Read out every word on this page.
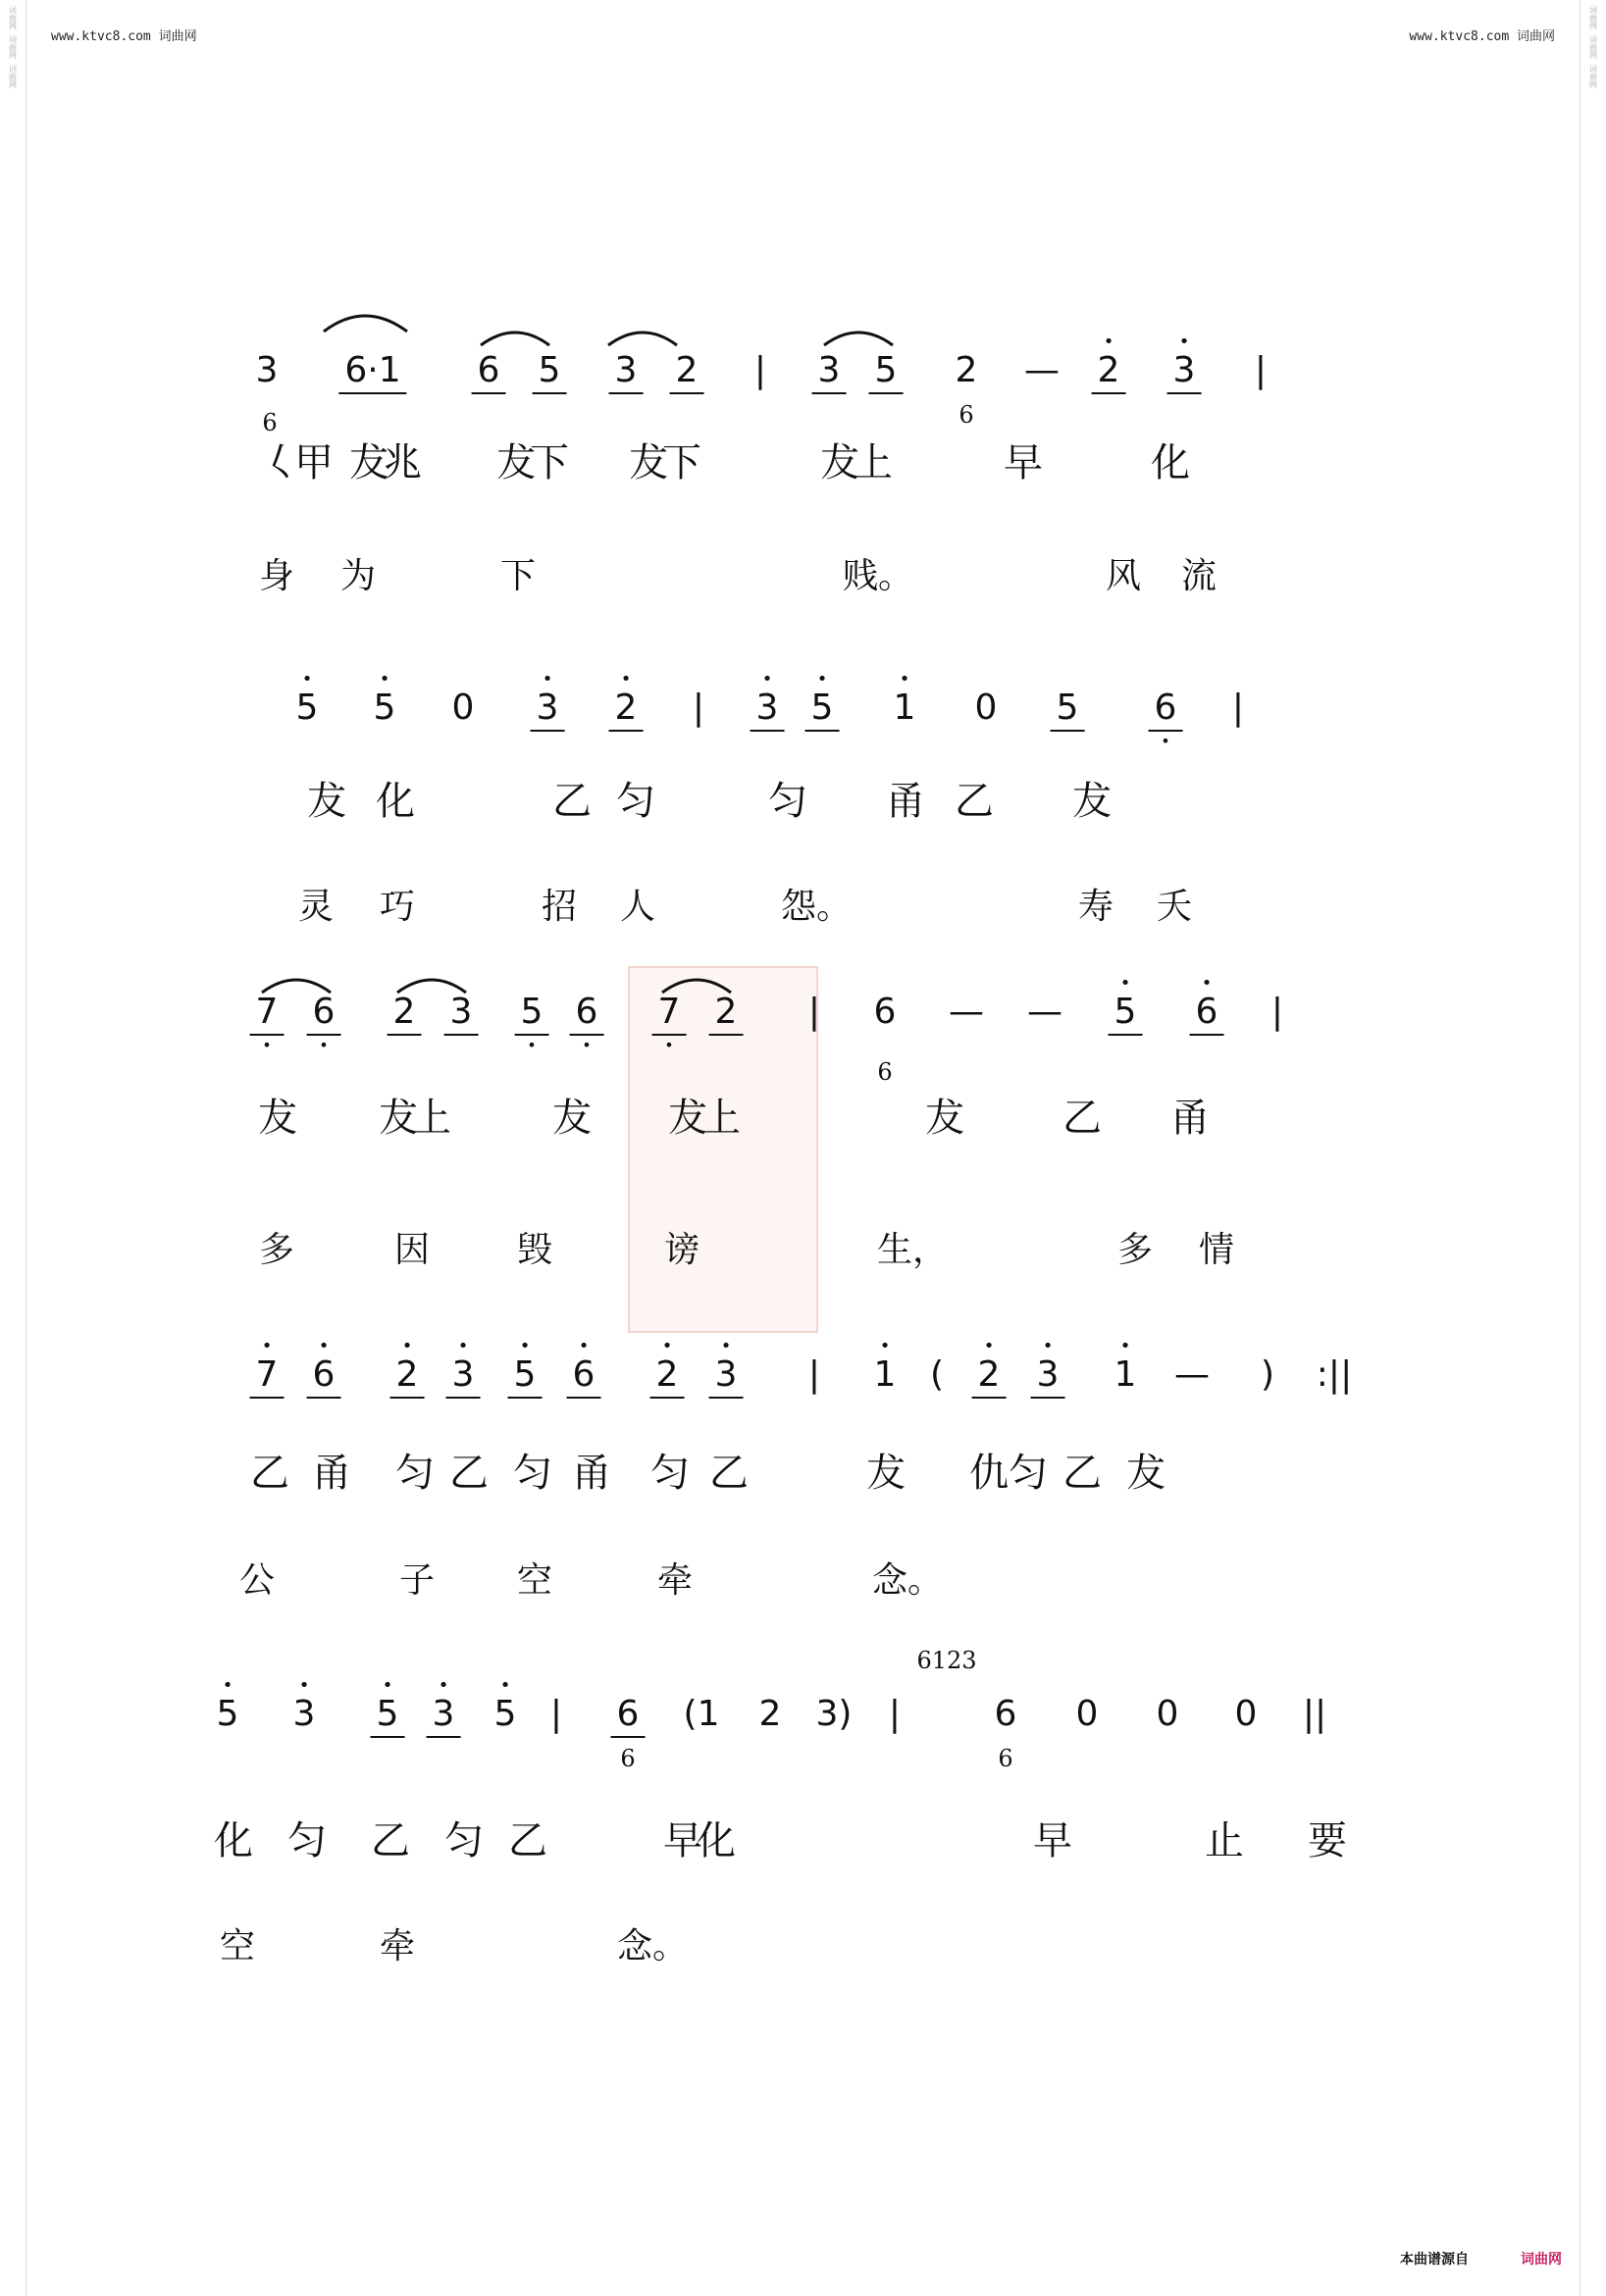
词曲网
词曲网
词曲网
词曲网
词曲网
词曲网
www.ktvc8.com 词曲网	www.ktvc8.com 词曲网
3 6·1 6 5 3 2 | 3 5 2 — • 2 • 3 |
6
𡿨甲 犮兆 犮下 犮下	犮上
6
早	化
身 为	下	贱。	风 流
• 5 • 5 0 • 3 • 2 | • 3 • 5 • 1 0 5 • 6 |
犮 化	乙 匀	匀 甬 乙 犮
灵 巧	招 人	怨。	寿 夭
• 7 • 6 2 3 • 5 • 6 • 7 2 | 6 — — • 5 • 6 |
犮 犮上	犮 犮上
6
犮	乙 甬
多	因 毁	谤	生，	多 情
• 7 • 6 • 2 • 3 • 5 • 6 • 2 • 3 | • 1 ( • 2 • 3 • 1 — ) :||
乙 甬 匀 乙 匀 甬 匀 乙	犮 仇 匀 乙 犮
公	子 空	牵	念。
6123
• 5 • 3 • 5 • 3 • 5 | 6 (1 2 3) |	6 0 0 0 ||
化 匀 乙 匀 乙
6
早化
6
早	止 要
空	牵	念。
本曲谱源自	词曲网
